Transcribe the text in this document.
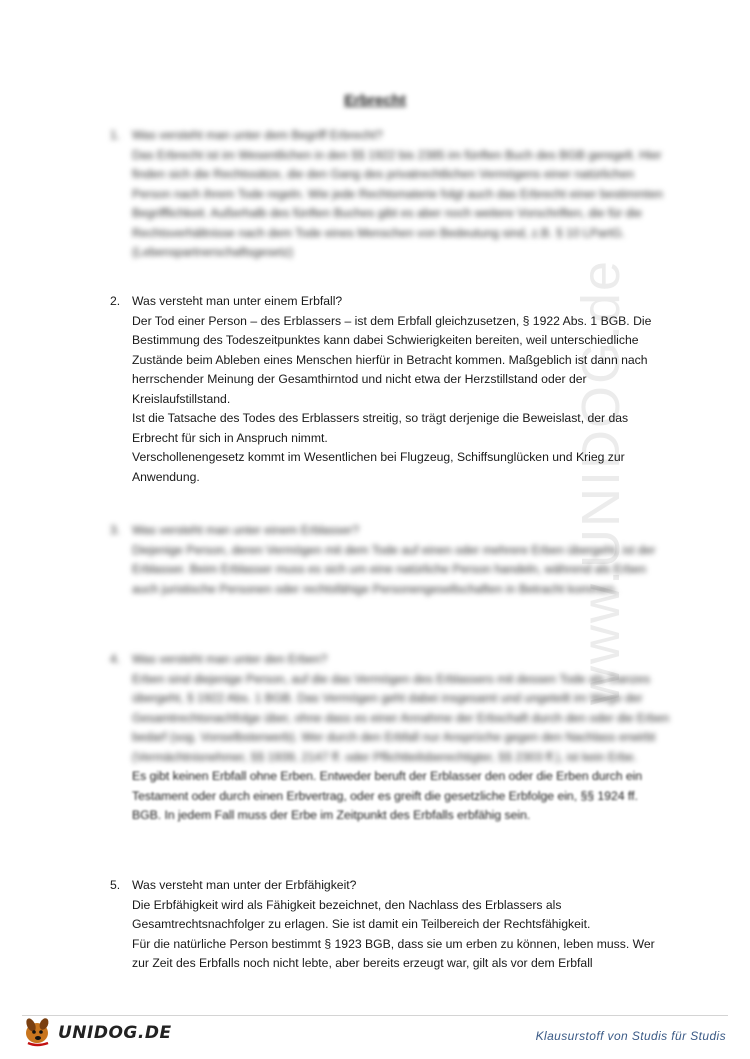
www.UNIDOG.de
Erbrecht
1. Was versteht man unter dem Begriff Erbrecht?

Das Erbrecht ist im Wesentlichen in den §§ 1922 bis 2385 im fünften Buch des BGB geregelt. Hier finden sich die Rechtssätze, die den Gang des privatrechtlichen Vermögens einer natürlichen Person nach ihrem Tode regeln. Wie jede Rechtsmaterie folgt auch das Erbrecht einer bestimmten Begrifflichkeit. Außerhalb des fünften Buches gibt es aber noch weitere Vorschriften, die für die Rechtsverhältnisse nach dem Tode eines Menschen von Bedeutung sind, z.B. § 10 LPartG. (Lebenspartnerschaftsgesetz)

2. Was versteht man unter einem Erbfall?

Der Tod einer Person – des Erblassers – ist dem Erbfall gleichzusetzen, § 1922 Abs. 1 BGB. Die Bestimmung des Todeszeitpunktes kann dabei Schwierigkeiten bereiten, weil unterschiedliche Zustände beim Ableben eines Menschen hierfür in Betracht kommen. Maßgeblich ist dann nach herrschender Meinung der Gesamthirntod und nicht etwa der Herzstillstand oder der Kreislaufstillstand.

Ist die Tatsache des Todes des Erblassers streitig, so trägt derjenige die Beweislast, der das Erbrecht für sich in Anspruch nimmt.

Verschollenengesetz kommt im Wesentlichen bei Flugzeug, Schiffsunglücken und Krieg zur Anwendung.

3. Was versteht man unter einem Erblasser?

Diejenige Person, deren Vermögen mit dem Tode auf einen oder mehrere Erben übergeht, ist der Erblasser. Beim Erblasser muss es sich um eine natürliche Person handeln, während als Erben auch juristische Personen oder rechtsfähige Personengesellschaften in Betracht kommen.

4. Was versteht man unter den Erben?

Erben sind diejenige Person, auf die das Vermögen des Erblassers mit dessen Tode als Ganzes übergeht, § 1922 Abs. 1 BGB. Das Vermögen geht dabei insgesamt und ungeteilt im Wege der Gesamtrechtsnachfolge über, ohne dass es einer Annahme der Erbschaft durch den oder die Erben bedarf (sog. Vonselbsterwerb). Wer durch den Erbfall nur Ansprüche gegen den Nachlass erwirbt (Vermächtnisnehmer, §§ 1939, 2147 ff. oder Pflichtteilsberechtigter, §§ 2303 ff.), ist kein Erbe.

Es gibt keinen Erbfall ohne Erben. Entweder beruft der Erblasser den oder die Erben durch ein Testament oder durch einen Erbvertrag, oder es greift die gesetzliche Erbfolge ein, §§ 1924 ff. BGB. In jedem Fall muss der Erbe im Zeitpunkt des Erbfalls erbfähig sein.

5. Was versteht man unter der Erbfähigkeit?

Die Erbfähigkeit wird als Fähigkeit bezeichnet, den Nachlass des Erblassers als Gesamtrechtsnachfolger zu erlagen. Sie ist damit ein Teilbereich der Rechtsfähigkeit.

Für die natürliche Person bestimmt § 1923 BGB, dass sie um erben zu können, leben muss. Wer zur Zeit des Erbfalls noch nicht lebte, aber bereits erzeugt war, gilt als vor dem Erbfall

UNIDOG.DE	Klausurstoff von Studis für Studis
